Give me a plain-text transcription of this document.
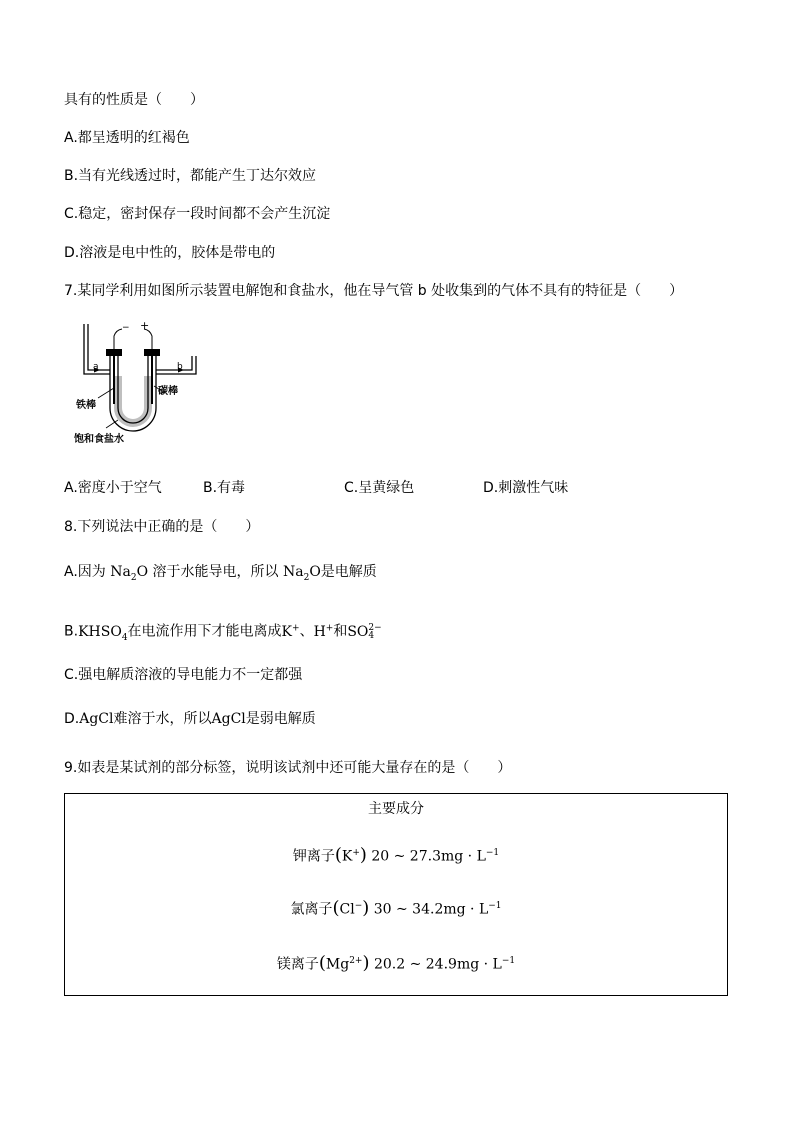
具有的性质是（　　）
A.都呈透明的红褐色
B.当有光线透过时，都能产生丁达尔效应
C.稳定，密封保存一段时间都不会产生沉淀
D.溶液是电中性的，胶体是带电的
7.某同学利用如图所示装置电解饱和食盐水，他在导气管 b 处收集到的气体不具有的特征是（　　）
− +
a	b
铁棒
碳棒
饱和食盐水
A.密度小于空气	B.有毒	C.呈黄绿色	D.刺激性气味
8.下列说法中正确的是（　　）
A.因为 $Na_2O$ 溶于水能导电，所以 $Na_2O$是电解质
$B.KHSO_4$在电流作用下才能电离成K+、H+和SO 2−
4
C.强电解质溶液的导电能力不一定都强
D.AgCl难溶于水，所以AgCl是弱电解质
9.如表是某试剂的部分标签，说明该试剂中还可能大量存在的是（　　）
主要成分
钾离子(K+) 20 ~ $27.3mg \cdot L^{-1}$
氯离子(Cl−) 30 ~ $34.2mg \cdot L^{-1}$
镁离子$(Mg^{2+})$ 20.2 ~ $24.9mg \cdot L^{-1}$
